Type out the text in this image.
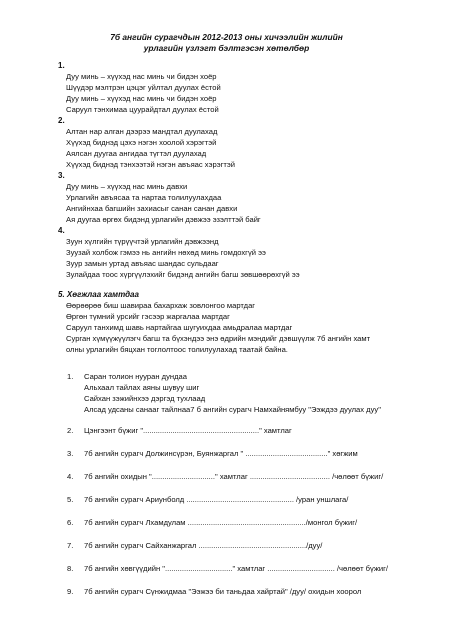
7б ангийн сурагчдын 2012-2013 оны хичээлийн жилийн
урлагийн үзлэгт бэлтгэсэн хөтөлбөр
1.
Дуу минь – хүүхэд нас минь чи бидэн хоёр
Шүүдэр мэлтрэн цэцэг уйлтал дуулах ёстой
Дуу минь – хүүхэд нас минь чи бидэн хоёр
Саруул тэнхимаа цуурайдтал дуулах ёстой
2.
Алтан нар алган дээрээ мандтал дуулахад
Хүүхэд биднэд цэхэ нэгэн хоолой хэрэгтэй
Аялсан дуугаа ангидаа түгтэл дуулахад
Хүүхэд биднэд тэнхээтэй нэгэн авъяас хэрэгтэй
3.
Дуу минь – хүүхэд нас минь давхи
Урлагийн авъясаа та нартаа толилуулахдаа
Ангийнхаа багшийн захиасыг санан санан давхи
Ая дуугаа өргөх бидэнд урлагийн дэвжээ эзэлттэй байг
4.
Зуун хүлгийн түрүүчтэй урлагийн дэвжээнд
Зуузай холбож гэмээ нь ангийн нөхөд минь гомдохгүй ээ
Зуур замын уртад авъяас шандас сульдааг
Зулайдаа тоос хүргүүлэхийг бидэнд ангийн багш зөвшөөрөхгүй ээ
5. Хөгжлаа хамтдаа
Өөрөөрөө биш шавираа бахархаж зовлонгоо мартдаг
Өргөн түмний урсийг гэсээр жаргалаа мартдаг
Саруул танхимд шавь нартайгаа шугуихдаа амьдралаа мартдаг
Сурган хүмүүжүүлэгч багш та бүхэндээ энэ өдрийн мэндийг дэвшүүлж 7б ангийн хамт
олны урлагийн бяцхан тоглолтоос толилуулахад таатай байна.
1. Саран толион нууран дундаа
Альхаал тайлах аяны шувуу шиг
Сайхан зэжийнхээ дэргэд тухлаад
Алсад удсаны санааг тайлнаа7 б ангийн сурагч Намхайнямбуу "Ээждээ дуулах дуу"
2. Цэнгээнт бүжиг "......................................................." хамтлаг
3. 7б ангийн сурагч Должинсүрэн, Буянжаргал " ......................................." хөгжим
4. 7б ангийн охидын ".............................." хамтлаг ...................................... /чөлөөт бүжиг/
5. 7б ангийн сурагч Ариунболд ................................................... /уран уншлага/
6. 7б ангийн сурагч Лхамдулам ......................................................../монгол бүжиг/
7. 7б ангийн сурагч Сайханжаргал .................................................../дуу/
8. 7б ангийн хөвгүүдийн "................................" хамтлаг ................................ /чөлөөт бүжиг/
9. 7б ангийн сурагч Сүнжидмаа "Ээжээ би таньдаа хайртай" /дуу/ охидын хоорол
